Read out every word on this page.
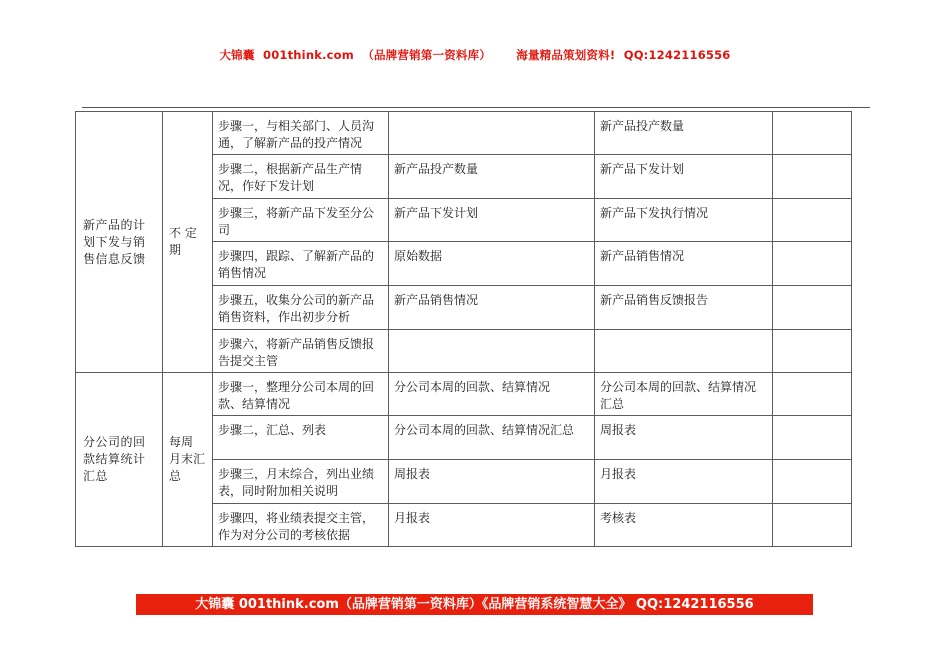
大锦囊  001think.com  （品牌营销第一资料库） 海量精品策划资料!  QQ:1242116556
新产品的计划下发与销售信息反馈	不 定期	步骤一，与相关部门、人员沟通，了解新产品的投产情况		新产品投产数量	
		步骤二，根据新产品生产情况，作好下发计划	新产品投产数量	新产品下发计划	
		步骤三，将新产品下发至分公司	新产品下发计划	新产品下发执行情况	
		步骤四，跟踪、了解新产品的销售情况	原始数据	新产品销售情况	
		步骤五，收集分公司的新产品销售资料，作出初步分析	新产品销售情况	新产品销售反馈报告	
		步骤六，将新产品销售反馈报告提交主管			
分公司的回款结算统计汇总	每周 月末汇总	步骤一，整理分公司本周的回款、结算情况	分公司本周的回款、结算情况	分公司本周的回款、结算情况汇总	
		步骤二，汇总、列表	分公司本周的回款、结算情况汇总	周报表	
		步骤三，月末综合，列出业绩表，同时附加相关说明	周报表	月报表	
		步骤四，将业绩表提交主管，作为对分公司的考核依据	月报表	考核表	
大锦囊 001think.com（品牌营销第一资料库）《品牌营销系统智慧大全》 QQ:1242116556
